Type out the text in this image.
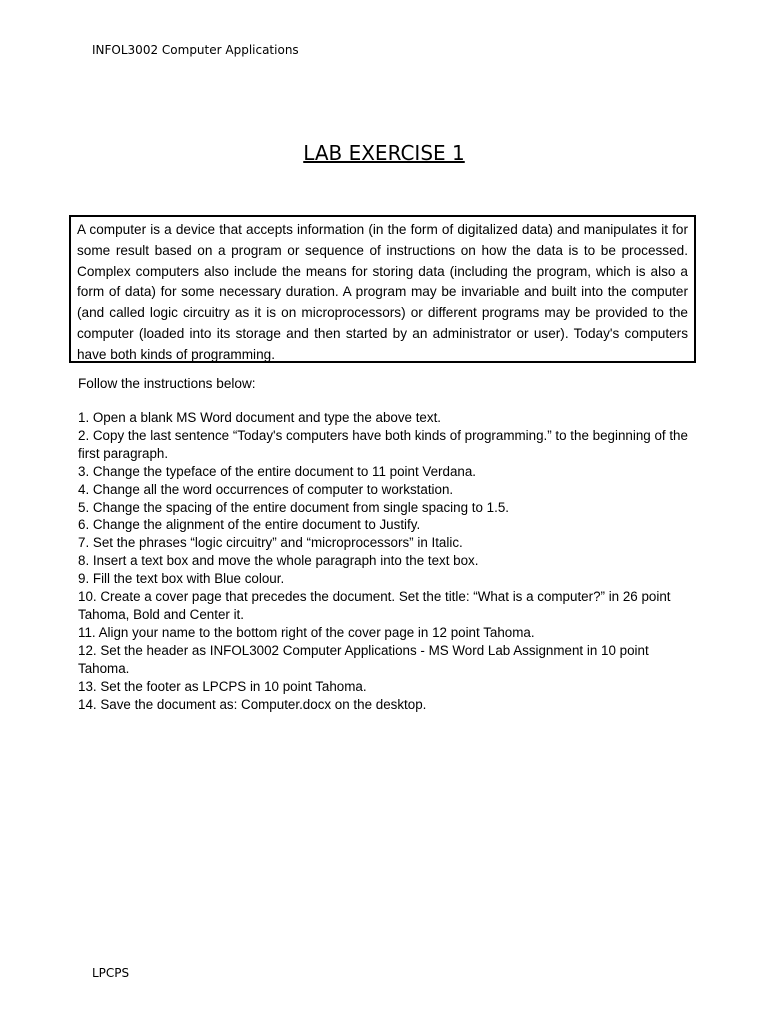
INFOL3002 Computer Applications
LAB EXERCISE 1

A computer is a device that accepts information (in the form of digitalized data) and manipulates it for some result based on a program or sequence of instructions on how the data is to be processed. Complex computers also include the means for storing data (including the program, which is also a form of data) for some necessary duration. A program may be invariable and built into the computer (and called logic circuitry as it is on microprocessors) or different programs may be provided to the computer (loaded into its storage and then started by an administrator or user). Today's computers have both kinds of programming.

Follow the instructions below:
1. Open a blank MS Word document and type the above text.
2. Copy the last sentence “Today's computers have both kinds of programming.” to the beginning of the first paragraph.
3. Change the typeface of the entire document to 11 point Verdana.
4. Change all the word occurrences of computer to workstation.
5. Change the spacing of the entire document from single spacing to 1.5.
6. Change the alignment of the entire document to Justify.
7. Set the phrases “logic circuitry” and “microprocessors” in Italic.
8. Insert a text box and move the whole paragraph into the text box.
9. Fill the text box with Blue colour.
10. Create a cover page that precedes the document. Set the title: “What is a computer?” in 26 point Tahoma, Bold and Center it.
11. Align your name to the bottom right of the cover page in 12 point Tahoma.
12. Set the header as INFOL3002 Computer Applications - MS Word Lab Assignment in 10 point Tahoma.
13. Set the footer as LPCPS in 10 point Tahoma.
14. Save the document as: Computer.docx on the desktop.
LPCPS
